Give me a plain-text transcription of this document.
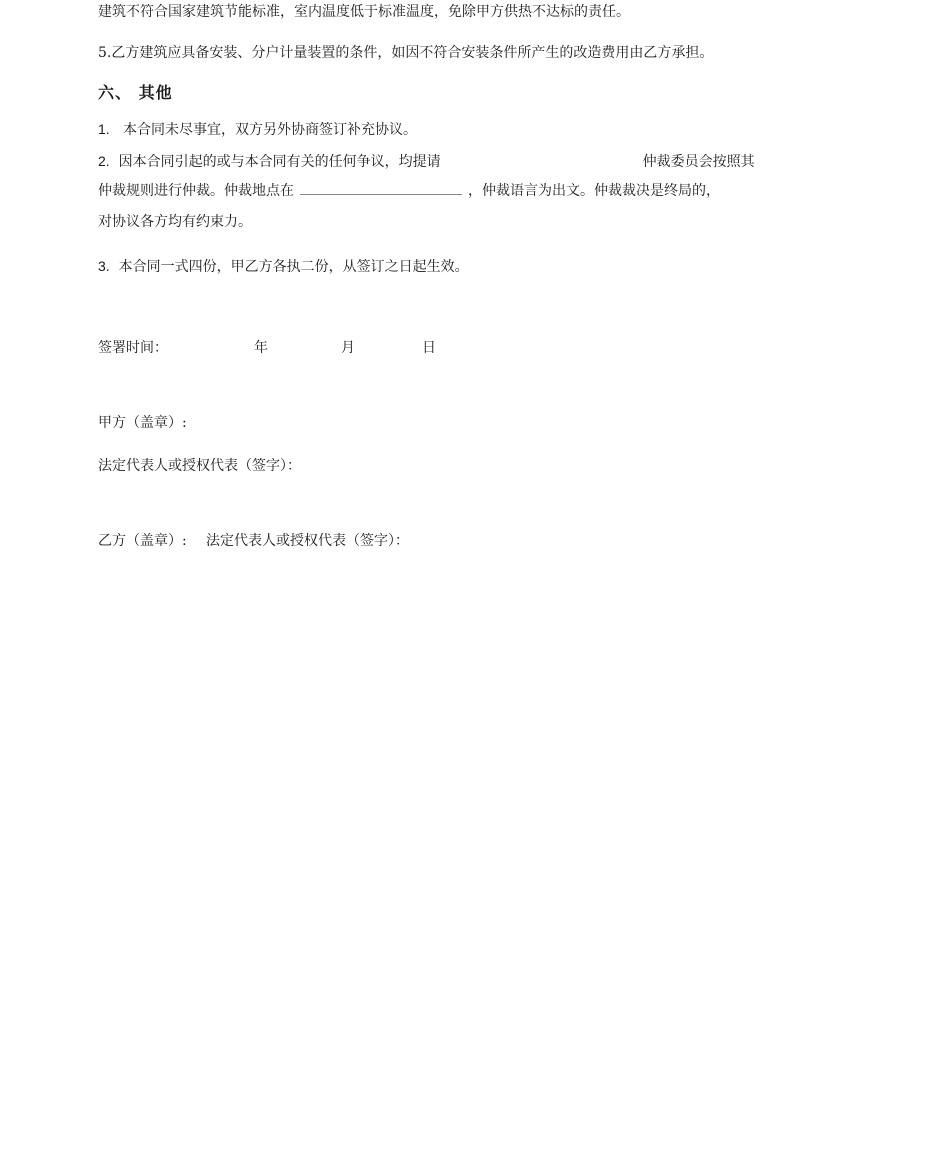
建筑不符合国家建筑节能标准，室内温度低于标准温度，免除甲方供热不达标的责任。
5.乙方建筑应具备安装、分户计量装置的条件，如因不符合安装条件所产生的改造费用由乙方承担。
六、 其他
1. 本合同未尽事宜，双方另外协商签订补充协议。
2. 因本合同引起的或与本合同有关的任何争议，均提请	仲裁委员会按照其
仲裁规则进行仲裁。仲裁地点在	，仲裁语言为出文。仲裁裁决是终局的，
对协议各方均有约束力。
3. 本合同一式四份，甲乙方各执二份，从签订之日起生效。
签署时间：	年	月	日
甲方（盖章）:
法定代表人或授权代表（签字）：
乙方（盖章）: 法定代表人或授权代表（签字）：
